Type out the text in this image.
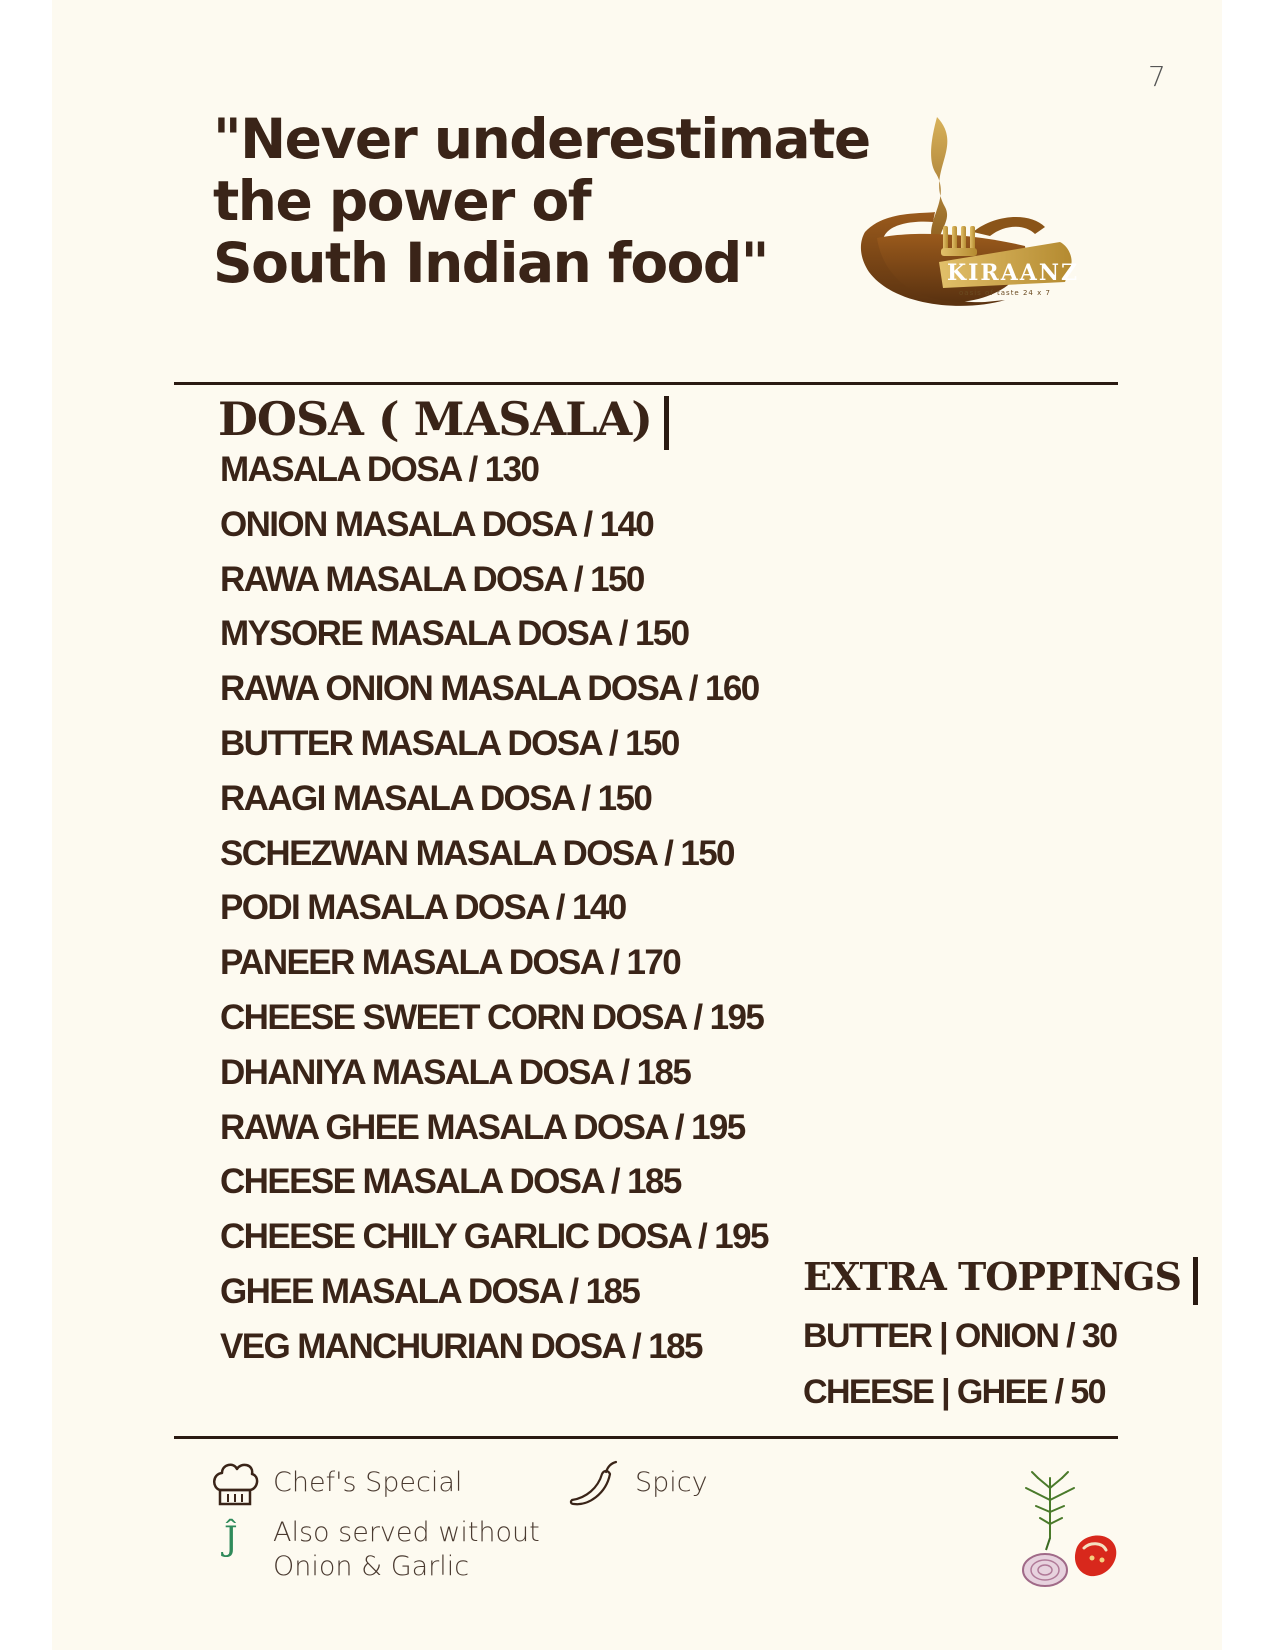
7
"Never underestimate
the power of
South Indian food"	KIRAANZ
oasis of taste 24 x 7
DOSA ( MASALA)
MASALA DOSA / 130
ONION MASALA DOSA / 140
RAWA MASALA DOSA / 150
MYSORE MASALA DOSA / 150
RAWA ONION MASALA DOSA / 160
BUTTER MASALA DOSA / 150
RAAGI MASALA DOSA / 150
SCHEZWAN MASALA DOSA / 150
PODI MASALA DOSA / 140
PANEER MASALA DOSA / 170
CHEESE SWEET CORN DOSA / 195
DHANIYA MASALA DOSA / 185
RAWA GHEE MASALA DOSA / 195
CHEESE MASALA DOSA / 185
CHEESE CHILY GARLIC DOSA / 195
GHEE MASALA DOSA / 185
VEG MANCHURIAN DOSA / 185
EXTRA TOPPINGS
BUTTER | ONION / 30
CHEESE | GHEE / 50
Chef's Special	Spicy
Ĵ Also served without
Onion & Garlic
